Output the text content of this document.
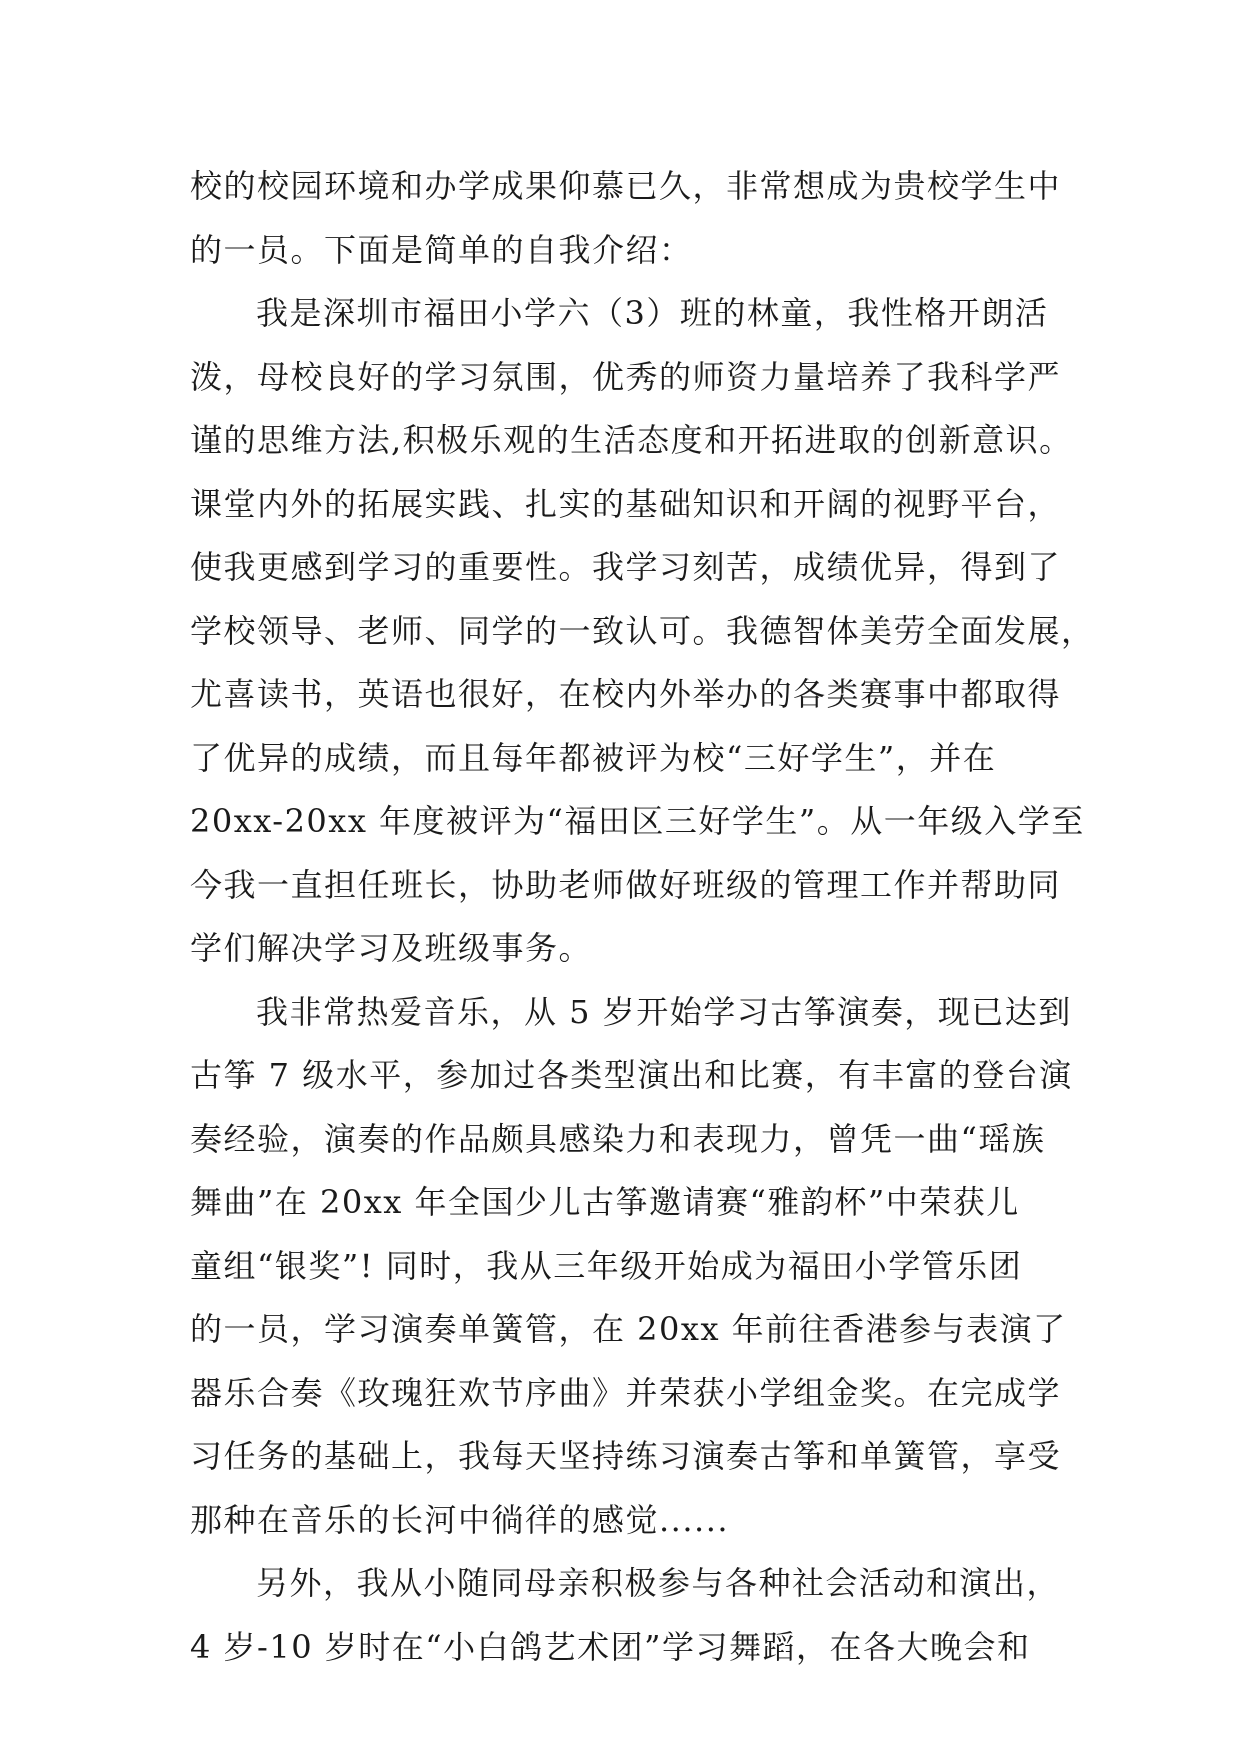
校的校园环境和办学成果仰慕已久，非常想成为贵校学生中
的一员。下面是简单的自我介绍：
我是深圳市福田小学六（3）班的林童，我性格开朗活
泼，母校良好的学习氛围，优秀的师资力量培养了我科学严
谨的思维方法,积极乐观的生活态度和开拓进取的创新意识。
课堂内外的拓展实践、扎实的基础知识和开阔的视野平台，
使我更感到学习的重要性。我学习刻苦，成绩优异，得到了
学校领导、老师、同学的一致认可。我德智体美劳全面发展，
尤喜读书，英语也很好，在校内外举办的各类赛事中都取得
了优异的成绩，而且每年都被评为校“三好学生”，并在
20xx-20xx 年度被评为“福田区三好学生”。从一年级入学至
今我一直担任班长，协助老师做好班级的管理工作并帮助同
学们解决学习及班级事务。
我非常热爱音乐，从 5 岁开始学习古筝演奏，现已达到
古筝 7 级水平，参加过各类型演出和比赛，有丰富的登台演
奏经验，演奏的作品颇具感染力和表现力，曾凭一曲“瑶族
舞曲”在 20xx 年全国少儿古筝邀请赛“雅韵杯”中荣获儿
童组“银奖”! 同时，我从三年级开始成为福田小学管乐团
的一员，学习演奏单簧管，在 20xx 年前往香港参与表演了
器乐合奏《玫瑰狂欢节序曲》并荣获小学组金奖。在完成学
习任务的基础上，我每天坚持练习演奏古筝和单簧管，享受
那种在音乐的长河中徜徉的感觉......
另外，我从小随同母亲积极参与各种社会活动和演出，
4 岁-10 岁时在“小白鸽艺术团”学习舞蹈，在各大晚会和
